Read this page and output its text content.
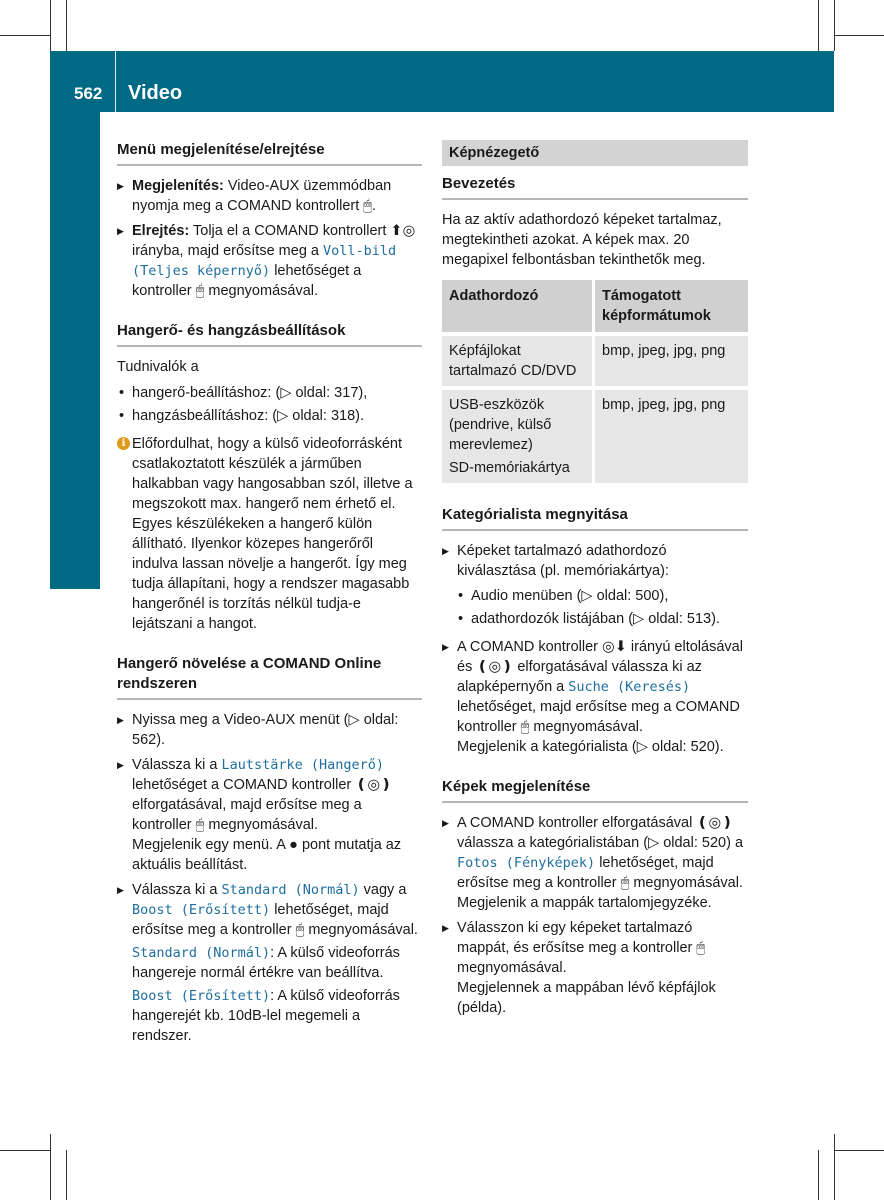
562 Video
COMAND Online
Menü megjelenítése/elrejtése
▶ Megjelenítés: Video-AUX üzemmódban nyomja meg a COMAND kontrollert 🖱.
▶ Elrejtés: Tolja el a COMAND kontrollert ⬆◎ irányba, majd erősítse meg a Voll-bild (Teljes képernyő) lehetőséget a kontroller 🖱 megnyomásával.
Hangerő- és hangzásbeállítások
Tudnivalók a
• hangerő-beállításhoz: (▷ oldal: 317),
• hangzásbeállításhoz: (▷ oldal: 318).
i Előfordulhat, hogy a külső videoforrásként csatlakoztatott készülék a járműben halkabban vagy hangosabban szól, illetve a megszokott max. hangerő nem érhető el. Egyes készülékeken a hangerő külön állítható. Ilyenkor közepes hangerőről indulva lassan növelje a hangerőt. Így meg tudja állapítani, hogy a rendszer magasabb hangerőnél is torzítás nélkül tudja-e lejátszani a hangot.
Hangerő növelése a COMAND Online rendszeren
▶ Nyissa meg a Video-AUX menüt (▷ oldal: 562).
▶ Válassza ki a Lautstärke (Hangerő) lehetőséget a COMAND kontroller ❪◎❫ elforgatásával, majd erősítse meg a kontroller 🖱 megnyomásával.
Megjelenik egy menü. A ● pont mutatja az aktuális beállítást.
▶ Válassza ki a Standard (Normál) vagy a Boost (Erősített) lehetőséget, majd erősítse meg a kontroller 🖱 megnyomásával.
Standard (Normál): A külső videoforrás hangereje normál értékre van beállítva.
Boost (Erősített): A külső videoforrás hangerejét kb. 10dB-lel megemeli a rendszer.
Képnézegető
Bevezetés
Ha az aktív adathordozó képeket tartalmaz, megtekintheti azokat. A képek max. 20 megapixel felbontásban tekinthetők meg.
Adathordozó	Támogatott képformátumok
Képfájlokat tartalmazó CD/DVD	bmp, jpeg, jpg, png

USB-eszközök (pendrive, külső merevlemez)
SD-memóriakártya	bmp, jpeg, jpg, png
Kategórialista megnyitása
▶ Képeket tartalmazó adathordozó kiválasztása (pl. memóriakártya):
• Audio menüben (▷ oldal: 500),
• adathordozók listájában (▷ oldal: 513).
▶ A COMAND kontroller ◎⬇ irányú eltolásával és ❪◎❫ elforgatásával válassza ki az alapképernyőn a Suche (Keresés) lehetőséget, majd erősítse meg a COMAND kontroller 🖱 megnyomásával.
Megjelenik a kategórialista (▷ oldal: 520).
Képek megjelenítése
▶ A COMAND kontroller elforgatásával ❪◎❫ válassza a kategórialistában (▷ oldal: 520) a Fotos (Fényképek) lehetőséget, majd erősítse meg a kontroller 🖱 megnyomásával.
Megjelenik a mappák tartalomjegyzéke.
▶ Válasszon ki egy képeket tartalmazó mappát, és erősítse meg a kontroller 🖱 megnyomásával.
Megjelennek a mappában lévő képfájlok (példa).
